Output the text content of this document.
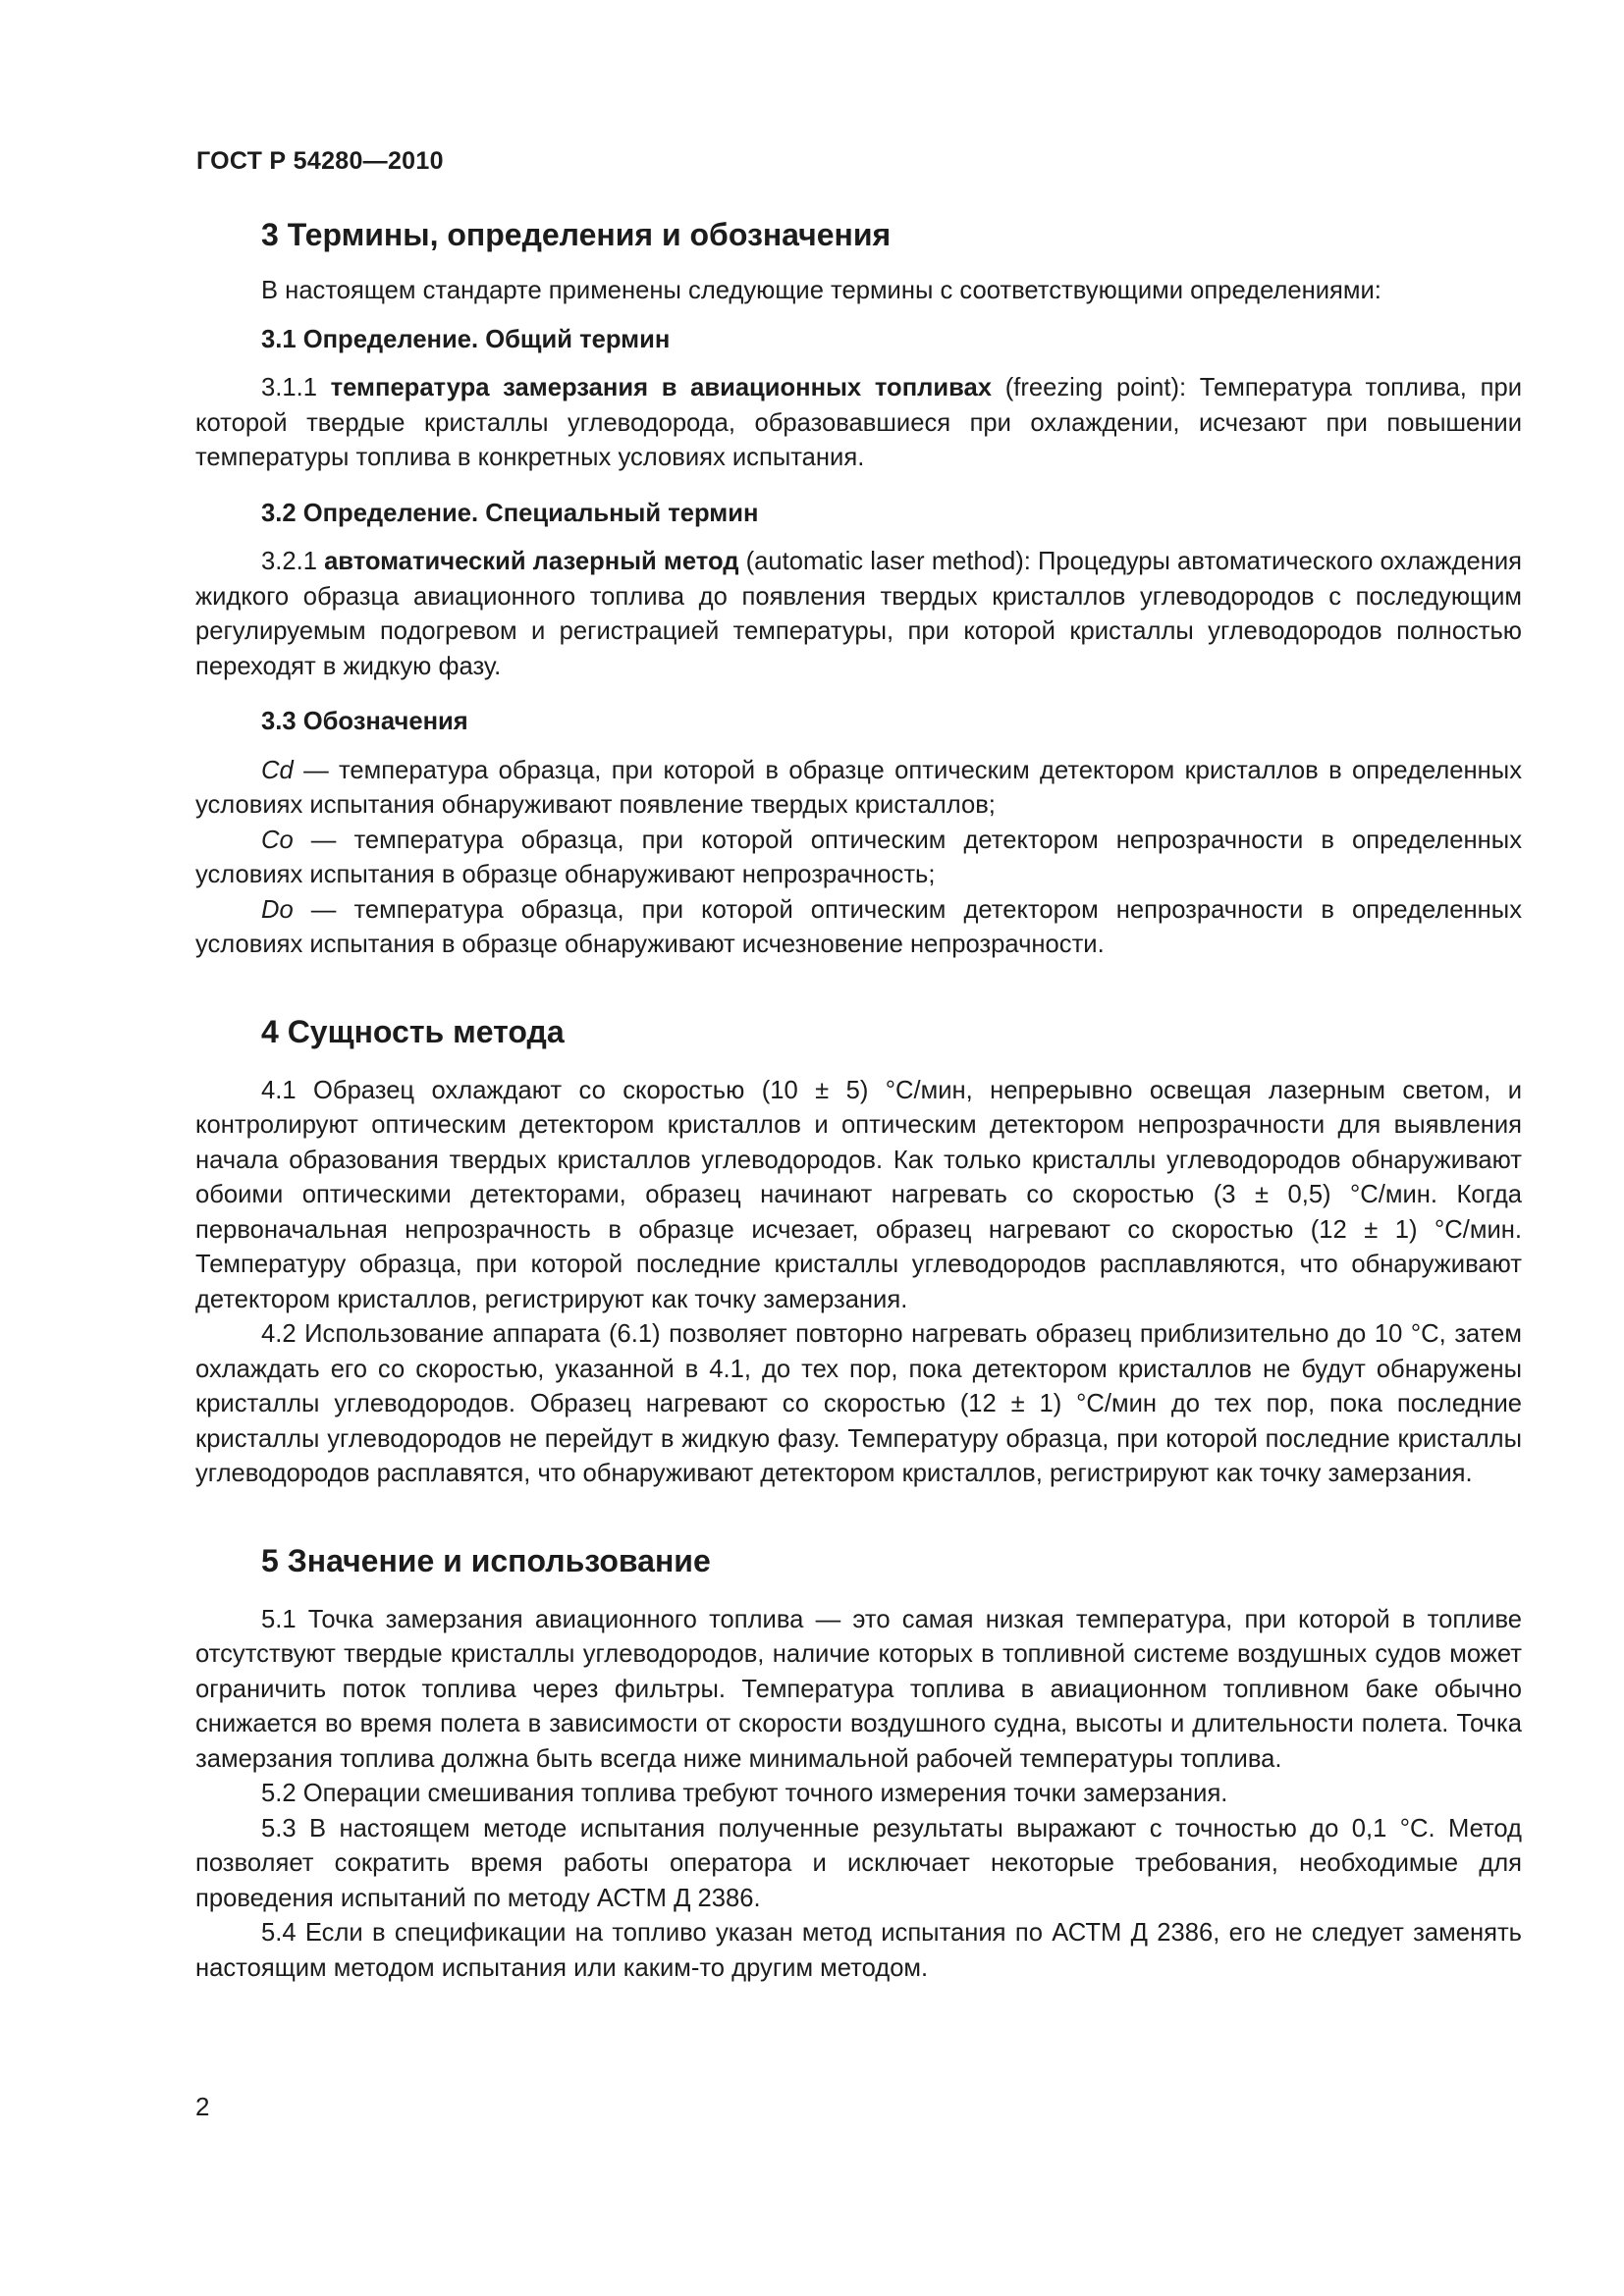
ГОСТ Р 54280—2010
3 Термины, определения и обозначения

В настоящем стандарте применены следующие термины с соответствующими определениями:

3.1 Определение. Общий термин

3.1.1 температура замерзания в авиационных топливах (freezing point): Температура топлива, при которой твердые кристаллы углеводорода, образовавшиеся при охлаждении, исчезают при повышении температуры топлива в конкретных условиях испытания.

3.2 Определение. Специальный термин

3.2.1 автоматический лазерный метод (automatic laser method): Процедуры автоматического охлаждения жидкого образца авиационного топлива до появления твердых кристаллов углеводородов с последующим регулируемым подогревом и регистрацией температуры, при которой кристаллы углеводородов полностью переходят в жидкую фазу.

3.3 Обозначения

Cd — температура образца, при которой в образце оптическим детектором кристаллов в определенных условиях испытания обнаруживают появление твердых кристаллов;

Co — температура образца, при которой оптическим детектором непрозрачности в определенных условиях испытания в образце обнаруживают непрозрачность;

Do — температура образца, при которой оптическим детектором непрозрачности в определенных условиях испытания в образце обнаруживают исчезновение непрозрачности.

4 Сущность метода

4.1 Образец охлаждают со скоростью (10 ± 5) °С/мин, непрерывно освещая лазерным светом, и контролируют оптическим детектором кристаллов и оптическим детектором непрозрачности для выявления начала образования твердых кристаллов углеводородов. Как только кристаллы углеводородов обнаруживают обоими оптическими детекторами, образец начинают нагревать со скоростью (3 ± 0,5) °С/мин. Когда первоначальная непрозрачность в образце исчезает, образец нагревают со скоростью (12 ± 1) °С/мин. Температуру образца, при которой последние кристаллы углеводородов расплавляются, что обнаруживают детектором кристаллов, регистрируют как точку замерзания.

4.2 Использование аппарата (6.1) позволяет повторно нагревать образец приблизительно до 10 °С, затем охлаждать его со скоростью, указанной в 4.1, до тех пор, пока детектором кристаллов не будут обнаружены кристаллы углеводородов. Образец нагревают со скоростью (12 ± 1) °С/мин до тех пор, пока последние кристаллы углеводородов не перейдут в жидкую фазу. Температуру образца, при которой последние кристаллы углеводородов расплавятся, что обнаруживают детектором кристаллов, регистрируют как точку замерзания.

5 Значение и использование

5.1 Точка замерзания авиационного топлива — это самая низкая температура, при которой в топливе отсутствуют твердые кристаллы углеводородов, наличие которых в топливной системе воздушных судов может ограничить поток топлива через фильтры. Температура топлива в авиационном топливном баке обычно снижается во время полета в зависимости от скорости воздушного судна, высоты и длительности полета. Точка замерзания топлива должна быть всегда ниже минимальной рабочей температуры топлива.

5.2 Операции смешивания топлива требуют точного измерения точки замерзания.

5.3 В настоящем методе испытания полученные результаты выражают с точностью до 0,1 °С. Метод позволяет сократить время работы оператора и исключает некоторые требования, необходимые для проведения испытаний по методу АСТМ Д 2386.

5.4 Если в спецификации на топливо указан метод испытания по АСТМ Д 2386, его не следует заменять настоящим методом испытания или каким-то другим методом.

2
